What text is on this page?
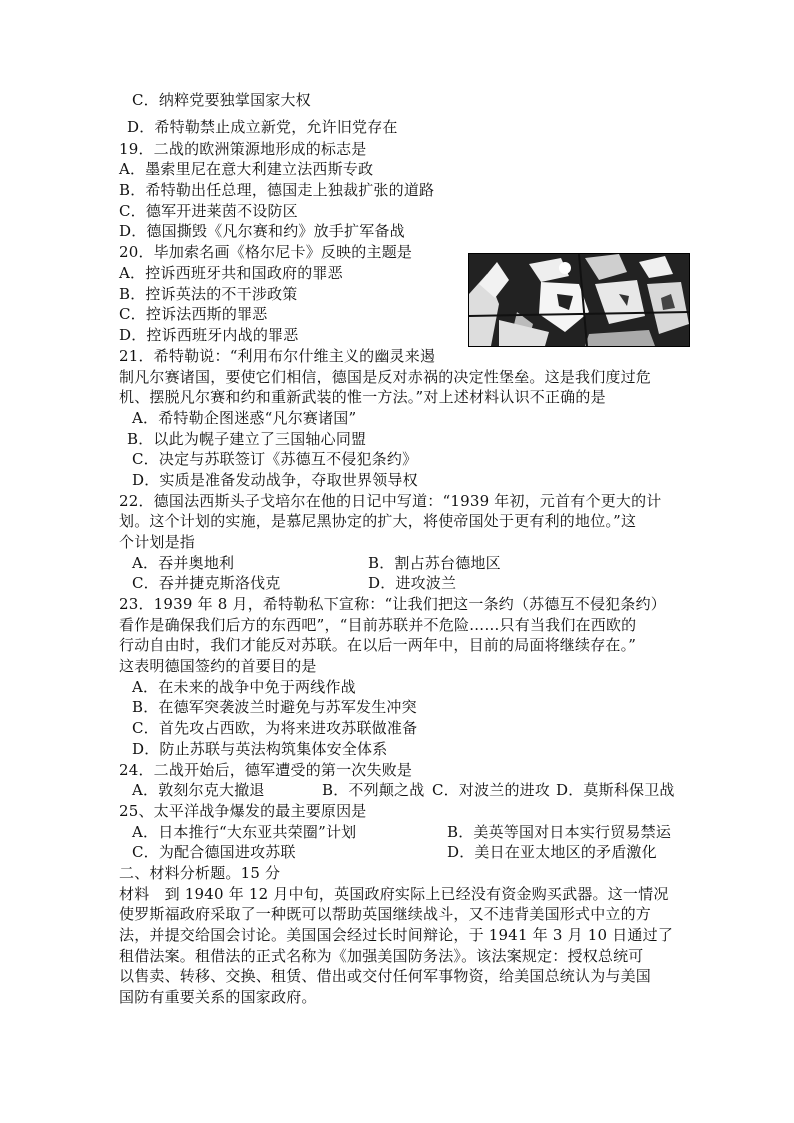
C．纳粹党要独掌国家大权
D．希特勒禁止成立新党，允许旧党存在
19．二战的欧洲策源地形成的标志是
A．墨索里尼在意大利建立法西斯专政
B．希特勒出任总理，德国走上独裁扩张的道路
C．德军开进莱茵不设防区
D．德国撕毁《凡尔赛和约》放手扩军备战
20．毕加索名画《格尔尼卡》反映的主题是
A．控诉西班牙共和国政府的罪恶
B．控诉英法的不干涉政策
C．控诉法西斯的罪恶
D．控诉西班牙内战的罪恶
21．希特勒说：“利用布尔什维主义的幽灵来遏
制凡尔赛诸国，要使它们相信，德国是反对赤祸的决定性堡垒。这是我们度过危
机、摆脱凡尔赛和约和重新武装的惟一方法。”对上述材料认识不正确的是
A．希特勒企图迷惑“凡尔赛诸国”
B．以此为幌子建立了三国轴心同盟
C．决定与苏联签订《苏德互不侵犯条约》
D．实质是准备发动战争，夺取世界领导权
22．德国法西斯头子戈培尔在他的日记中写道：“1939 年初，元首有个更大的计
划。这个计划的实施，是慕尼黑协定的扩大，将使帝国处于更有利的地位。”这
个计划是指
A．吞并奥地利	B．割占苏台德地区
C．吞并捷克斯洛伐克	D．进攻波兰
23．1939 年 8 月，希特勒私下宣称：“让我们把这一条约（苏德互不侵犯条约）
看作是确保我们后方的东西吧”，“目前苏联并不危险……只有当我们在西欧的
行动自由时，我们才能反对苏联。在以后一两年中，目前的局面将继续存在。”
这表明德国签约的首要目的是
A．在未来的战争中免于两线作战
B．在德军突袭波兰时避免与苏军发生冲突
C．首先攻占西欧，为将来进攻苏联做准备
D．防止苏联与英法构筑集体安全体系
24．二战开始后，德军遭受的第一次失败是
A．敦刻尔克大撤退	B．不列颠之战 C．对波兰的进攻 D．莫斯科保卫战
25、太平洋战争爆发的最主要原因是
A．日本推行“大东亚共荣圈”计划	B．美英等国对日本实行贸易禁运
C．为配合德国进攻苏联	D．美日在亚太地区的矛盾激化
二、材料分析题。15 分
材料　到 1940 年 12 月中旬，英国政府实际上已经没有资金购买武器。这一情况
使罗斯福政府采取了一种既可以帮助英国继续战斗，又不违背美国形式中立的方
法，并提交给国会讨论。美国国会经过长时间辩论，于 1941 年 3 月 10 日通过了
租借法案。租借法的正式名称为《加强美国防务法》。该法案规定：授权总统可
以售卖、转移、交换、租赁、借出或交付任何军事物资，给美国总统认为与美国
国防有重要关系的国家政府。
